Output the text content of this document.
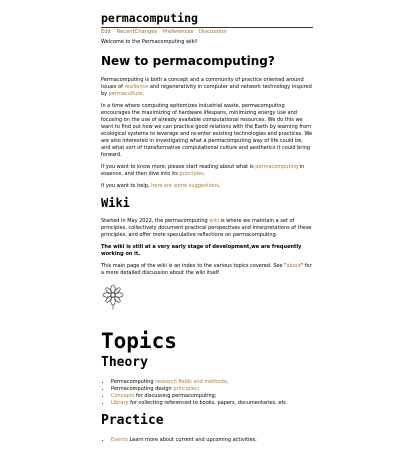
permacomputing
Edit RecentChanges Preferences Discussion

Welcome to the Permacomputing wiki!

New to permacomputing?

Permacomputing is both a concept and a community of practice oriented around issues of resilience and regenerativity in computer and network technology inspired by permaculture.

In a time where computing epitomizes industrial waste, permacomputing encourages the maximizing of hardware lifespans, minimizing energy use and focusing on the use of already available computational resources. We do this we want to find out how we can practice good relations with the Earth by learning from ecological systems to leverage and re-enter existing technologies and practices. We are also interested in investigating what a permacomputing way of life could be, and what sort of transformative computational culture and aesthetics it could bring forward.

If you want to know more, please start reading about what is permacomputing in essence, and then dive into its principles.

If you want to help, here are some suggestions.

Wiki

Started in May 2022, the permacomputing wiki is where we maintain a set of principles, collectively document practical perspectives and interpretations of these principles, and offer more speculative reflections on permacomputing.

The wiki is still at a very early stage of development,we are frequently working on it.

This main page of the wiki is an index to the various topics covered. See "about" for a more detailed discussion about the wiki itself.

Topics
Theory
• Permacomputing research fields and methods;
• Permacomputing design principles;
• Concepts for discussing permacomputing;
• Library for collecting referenced to books, papers, documentaries, etc.
Practice
• Events Learn more about current and upcoming activities;
